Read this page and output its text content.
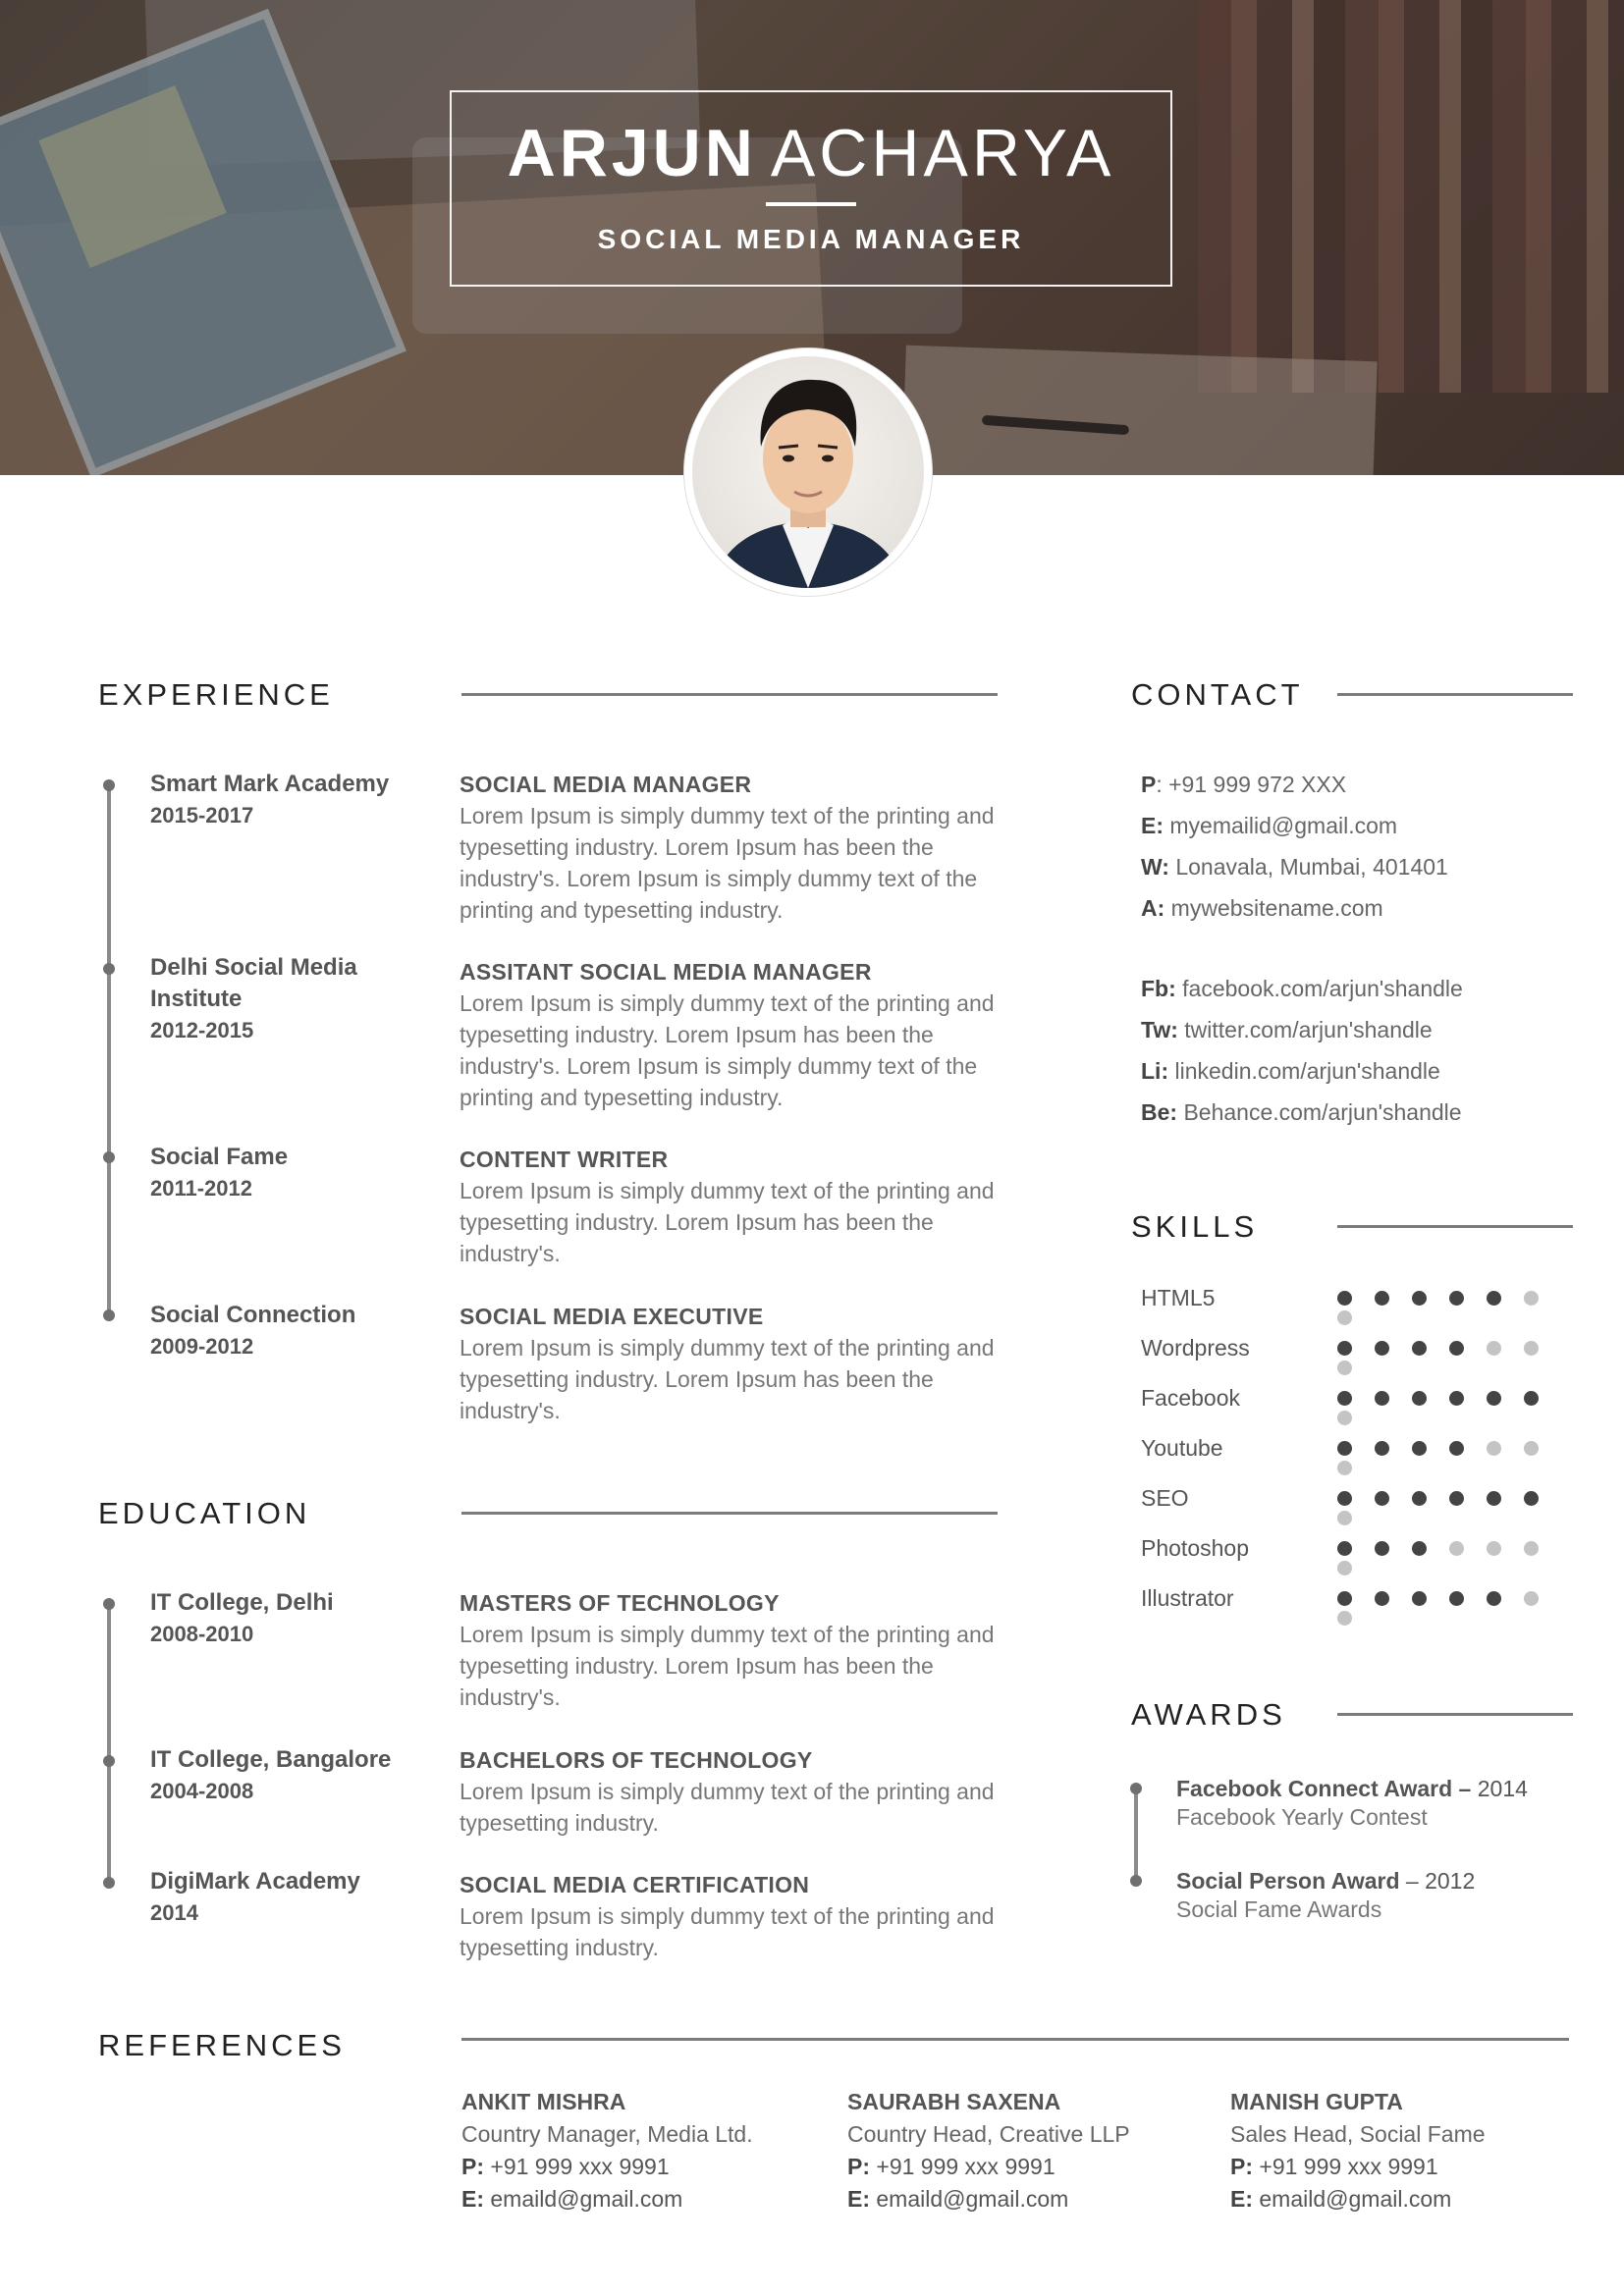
ARJUN ACHARYA
SOCIAL MEDIA MANAGER
EXPERIENCE
Smart Mark Academy
2015-2017
SOCIAL MEDIA MANAGER
Lorem Ipsum is simply dummy text of the printing and typesetting industry. Lorem Ipsum has been the industry's. Lorem Ipsum is simply dummy text of the printing and typesetting industry.
Delhi Social Media Institute
2012-2015
ASSITANT SOCIAL MEDIA MANAGER
Lorem Ipsum is simply dummy text of the printing and typesetting industry. Lorem Ipsum has been the industry's. Lorem Ipsum is simply dummy text of the printing and typesetting industry.
Social Fame
2011-2012
CONTENT WRITER
Lorem Ipsum is simply dummy text of the printing and typesetting industry. Lorem Ipsum has been the industry's.
Social Connection
2009-2012
SOCIAL MEDIA EXECUTIVE
Lorem Ipsum is simply dummy text of the printing and typesetting industry. Lorem Ipsum has been the industry's.
EDUCATION
IT College, Delhi
2008-2010
MASTERS OF TECHNOLOGY
Lorem Ipsum is simply dummy text of the printing and typesetting industry. Lorem Ipsum has been the industry's.
IT College, Bangalore
2004-2008
BACHELORS OF TECHNOLOGY
Lorem Ipsum is simply dummy text of the printing and typesetting industry.
DigiMark Academy
2014
SOCIAL MEDIA CERTIFICATION
Lorem Ipsum is simply dummy text of the printing and typesetting industry.
CONTACT
P: +91 999 972 XXX
E: myemailid@gmail.com
W: Lonavala, Mumbai, 401401
A: mywebsitename.com
Fb: facebook.com/arjun'shandle
Tw: twitter.com/arjun'shandle
Li: linkedin.com/arjun'shandle
Be: Behance.com/arjun'shandle
SKILLS
HTML5
Wordpress
Facebook
Youtube
SEO
Photoshop
Illustrator
AWARDS
Facebook Connect Award – 2014
Facebook Yearly Contest
Social Person Award – 2012
Social Fame Awards
REFERENCES
ANKIT MISHRA
Country Manager, Media Ltd.
P: +91 999 xxx 9991
E: emaild@gmail.com
SAURABH SAXENA
Country Head, Creative LLP
P: +91 999 xxx 9991
E: emaild@gmail.com
MANISH GUPTA
Sales Head, Social Fame
P: +91 999 xxx 9991
E: emaild@gmail.com
